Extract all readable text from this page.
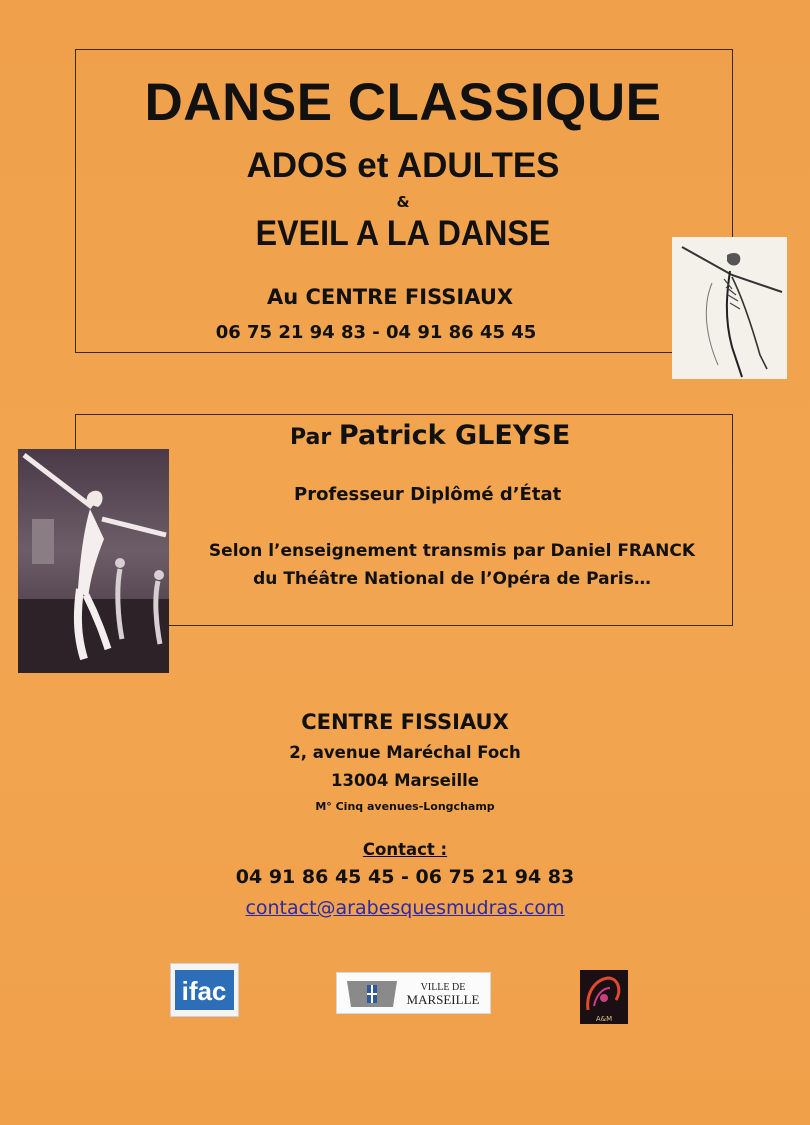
DANSE CLASSIQUE
ADOS et ADULTES
&
EVEIL A LA DANSE
Au CENTRE FISSIAUX
06 75 21 94 83 - 04 91 86 45 45
Par Patrick GLEYSE
Professeur Diplômé d’État
Selon l’enseignement transmis par Daniel FRANCK
du Théâtre National de l’Opéra de Paris…
CENTRE FISSIAUX
2, avenue Maréchal Foch
13004 Marseille
M° Cinq avenues-Longchamp
Contact :
04 91 86 45 45 - 06 75 21 94 83
contact@arabesquesmudras.com
ifac	VILLE DE
MARSEILLE
A&M
